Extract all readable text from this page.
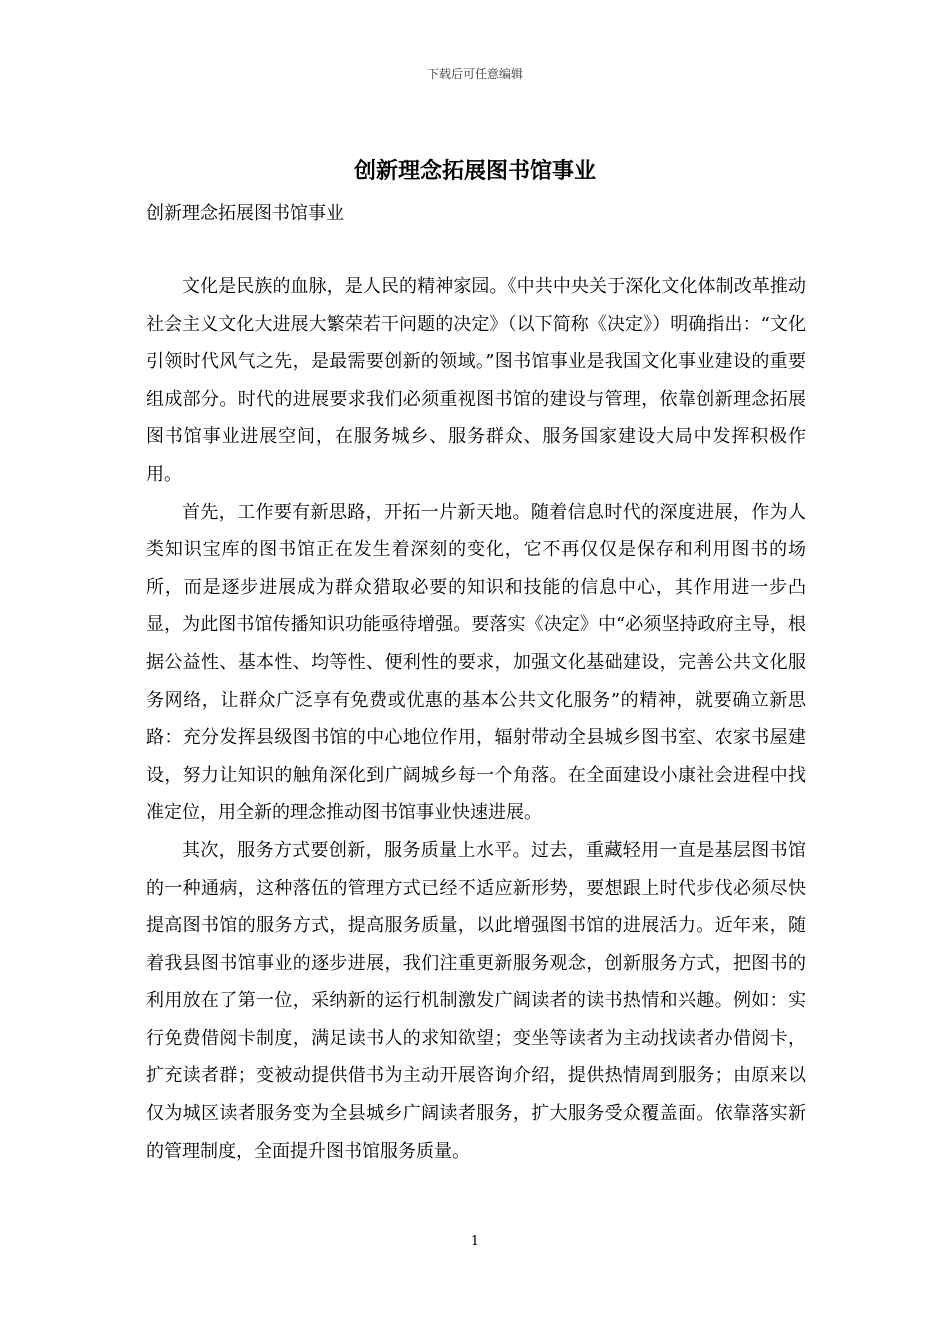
下载后可任意编辑
创新理念拓展图书馆事业
创新理念拓展图书馆事业

文化是民族的血脉，是人民的精神家园。《中共中央关于深化文化体制改革推动社会主义文化大进展大繁荣若干问题的决定》（以下简称《决定》）明确指出：“文化引领时代风气之先，是最需要创新的领域。”图书馆事业是我国文化事业建设的重要组成部分。时代的进展要求我们必须重视图书馆的建设与管理，依靠创新理念拓展图书馆事业进展空间，在服务城乡、服务群众、服务国家建设大局中发挥积极作用。

首先，工作要有新思路，开拓一片新天地。随着信息时代的深度进展，作为人类知识宝库的图书馆正在发生着深刻的变化，它不再仅仅是保存和利用图书的场所，而是逐步进展成为群众猎取必要的知识和技能的信息中心，其作用进一步凸显，为此图书馆传播知识功能亟待增强。要落实《决定》中“必须坚持政府主导，根据公益性、基本性、均等性、便利性的要求，加强文化基础建设，完善公共文化服务网络，让群众广泛享有免费或优惠的基本公共文化服务”的精神，就要确立新思路：充分发挥县级图书馆的中心地位作用，辐射带动全县城乡图书室、农家书屋建设，努力让知识的触角深化到广阔城乡每一个角落。在全面建设小康社会进程中找准定位，用全新的理念推动图书馆事业快速进展。

其次，服务方式要创新，服务质量上水平。过去，重藏轻用一直是基层图书馆的一种通病，这种落伍的管理方式已经不适应新形势，要想跟上时代步伐必须尽快提高图书馆的服务方式，提高服务质量，以此增强图书馆的进展活力。近年来，随着我县图书馆事业的逐步进展，我们注重更新服务观念，创新服务方式，把图书的利用放在了第一位，采纳新的运行机制激发广阔读者的读书热情和兴趣。例如：实行免费借阅卡制度，满足读书人的求知欲望；变坐等读者为主动找读者办借阅卡，扩充读者群；变被动提供借书为主动开展咨询介绍，提供热情周到服务；由原来以仅为城区读者服务变为全县城乡广阔读者服务，扩大服务受众覆盖面。依靠落实新的管理制度，全面提升图书馆服务质量。

1
